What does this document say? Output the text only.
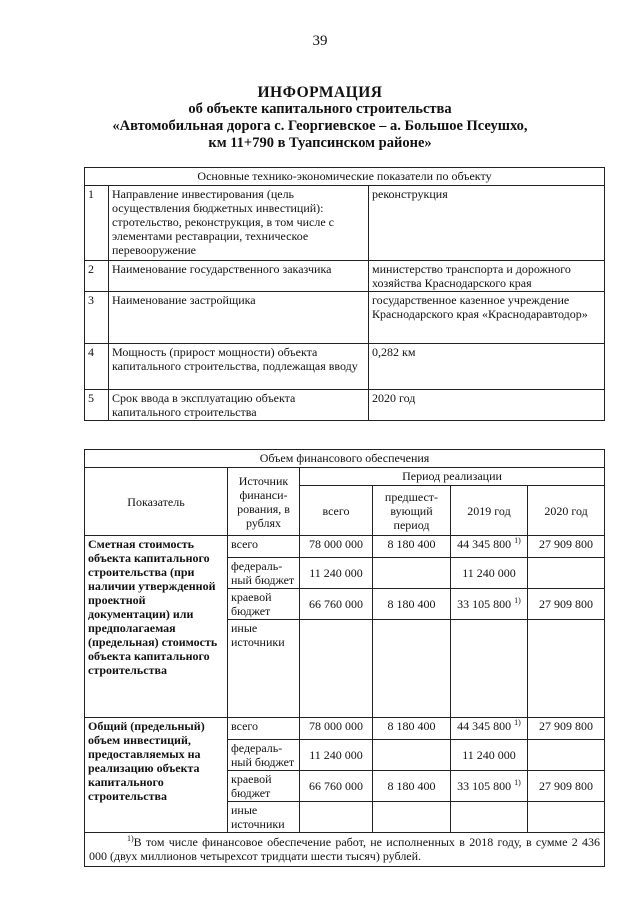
39
ИНФОРМАЦИЯ
об объекте капитального строительства
«Автомобильная дорога с. Георгиевское – а. Большое Псеушхо,
км 11+790 в Туапсинском районе»
Основные технико-экономические показатели по объекту		
1	Направление инвестирования (цель осуществления бюджетных инвестиций): стротельство, реконструкция, в том числе с элементами реставрации, техническое перевооружение	реконструкция
2	Наименование государственного заказчика	министерство транспорта и дорожного хозяйства Краснодарского края
3	Наименование застройщика	государственное казенное учреждение Краснодарского края «Краснодаравтодор»
4	Мощность (прирост мощности) объекта капитального строительства, подлежащая вводу	0,282 км
5	Срок ввода в эксплуатацию объекта капитального строительства	2020 год
Объем финансового обеспечения					
Показатель	Источник финанси-рования, в рублях	Период реализации			
		всего	предшест-вующий период	2019 год	2020 год
Сметная стоимость объекта капитального строительства (при наличии утвержденной проектной документации) или предполагаемая (предельная) стоимость объекта капитального строительства	всего	78 000 000	8 180 400	44 345 800 $^{1)}$	27 909 800
	федераль-ный бюджет	11 240 000		11 240 000	
	краевой бюджет	66 760 000	8 180 400	33 105 800 $^{1)}$	27 909 800
	иные источники				
Общий (предельный) объем инвестиций, предоставляемых на реализацию объекта капитального строительства	всего	78 000 000	8 180 400	44 345 800 $^{1)}$	27 909 800
	федераль-ный бюджет	11 240 000		11 240 000	
	краевой бюджет	66 760 000	8 180 400	33 105 800 $^{1)}$	27 909 800
	иные источники				
$^{1)}$В том числе финансовое обеспечение работ, не исполненных в 2018 году, в сумме 2 436 000 (двух миллионов четырехсот тридцати шести тысяч) рублей.					
